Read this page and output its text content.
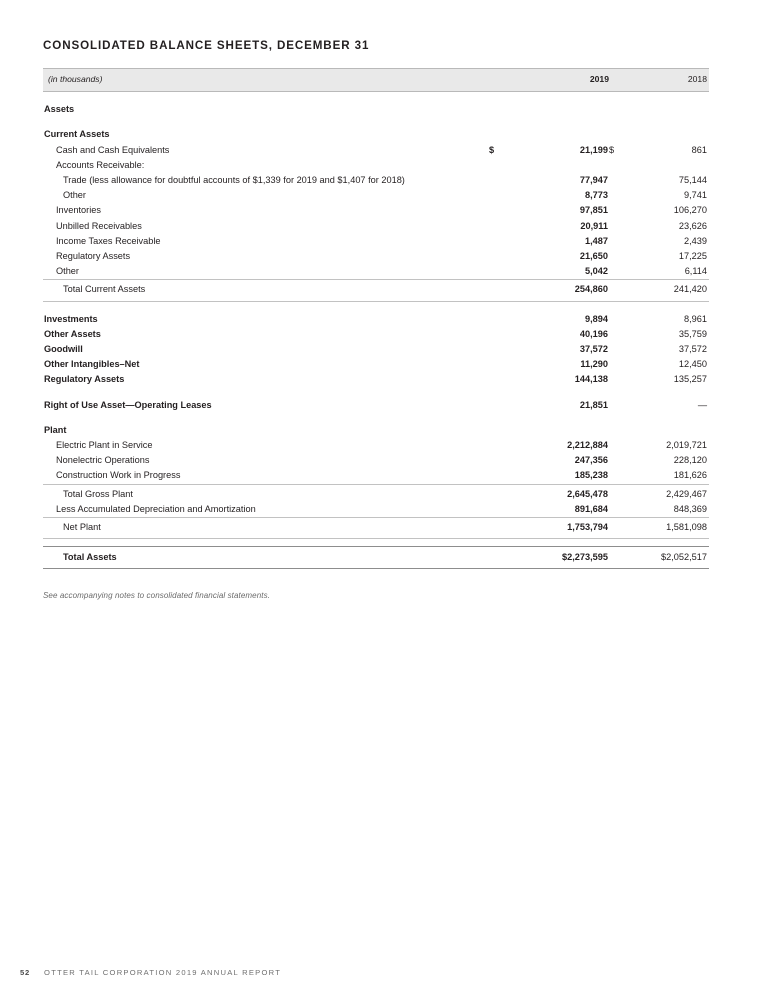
CONSOLIDATED BALANCE SHEETS, DECEMBER 31
(in thousands)	2019		2018	

Assets				

Current Assets				
Cash and Cash Equivalents	$	21,199	$	861
Accounts Receivable:				
Trade (less allowance for doubtful accounts of $1,339 for 2019 and $1,407 for 2018)		77,947		75,144
Other		8,773		9,741
Inventories		97,851		106,270
Unbilled Receivables		20,911		23,626
Income Taxes Receivable		1,487		2,439
Regulatory Assets		21,650		17,225
Other		5,042		6,114
Total Current Assets		254,860		241,420

Investments		9,894		8,961
Other Assets		40,196		35,759
Goodwill		37,572		37,572
Other Intangibles–Net		11,290		12,450
Regulatory Assets		144,138		135,257

Right of Use Asset—Operating Leases		21,851		—

Plant				
Electric Plant in Service		2,212,884		2,019,721
Nonelectric Operations		247,356		228,120
Construction Work in Progress		185,238		181,626
Total Gross Plant		2,645,478		2,429,467
Less Accumulated Depreciation and Amortization		891,684		848,369
Net Plant		1,753,794		1,581,098

Total Assets		$2,273,595		$2,052,517
See accompanying notes to consolidated financial statements.
52 OTTER TAIL CORPORATION 2019 ANNUAL REPORT
